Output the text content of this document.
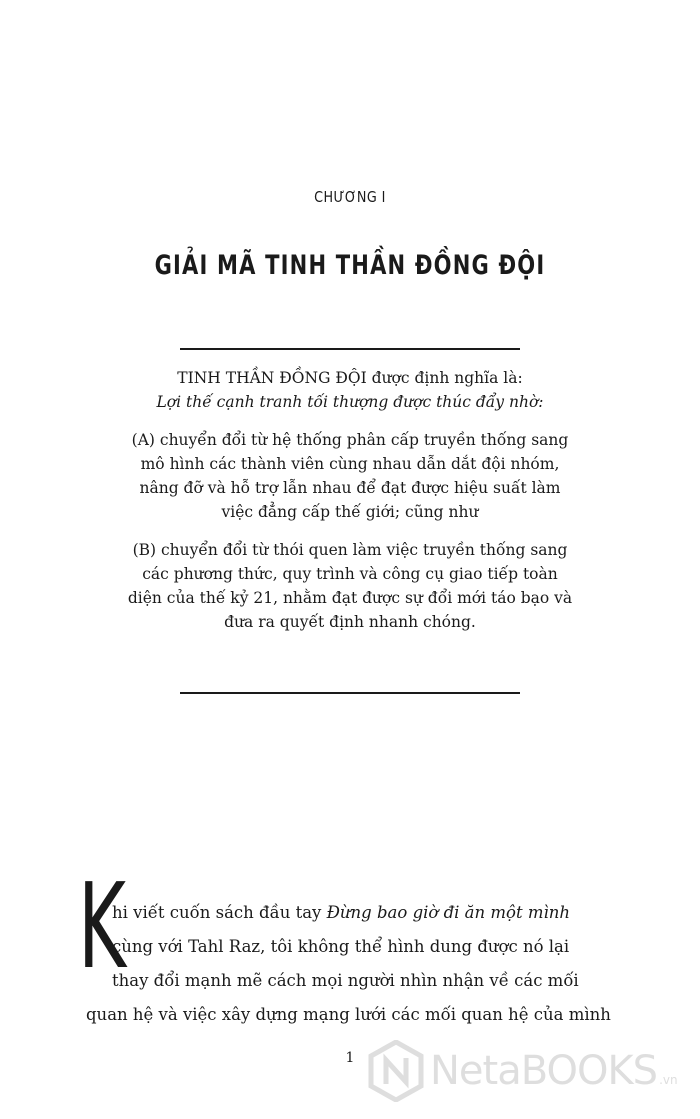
CHƯƠNG I
GIẢI MÃ TINH THẦN ĐỒNG ĐỘI

TINH THẦN ĐỒNG ĐỘI được định nghĩa là:

Lợi thế cạnh tranh tối thượng được thúc đẩy nhờ:

(A) chuyển đổi từ hệ thống phân cấp truyền thống sang
mô hình các thành viên cùng nhau dẫn dắt đội nhóm,
nâng đỡ và hỗ trợ lẫn nhau để đạt được hiệu suất làm
việc đẳng cấp thế giới; cũng như

(B) chuyển đổi từ thói quen làm việc truyền thống sang
các phương thức, quy trình và công cụ giao tiếp toàn
diện của thế kỷ 21, nhằm đạt được sự đổi mới táo bạo và
đưa ra quyết định nhanh chóng.

K

hi viết cuốn sách đầu tay Đừng bao giờ đi ăn một mình

cùng với Tahl Raz, tôi không thể hình dung được nó lại

thay đổi mạnh mẽ cách mọi người nhìn nhận về các mối

quan hệ và việc xây dựng mạng lưới các mối quan hệ của mình

1	NetaBOOKS .vn
